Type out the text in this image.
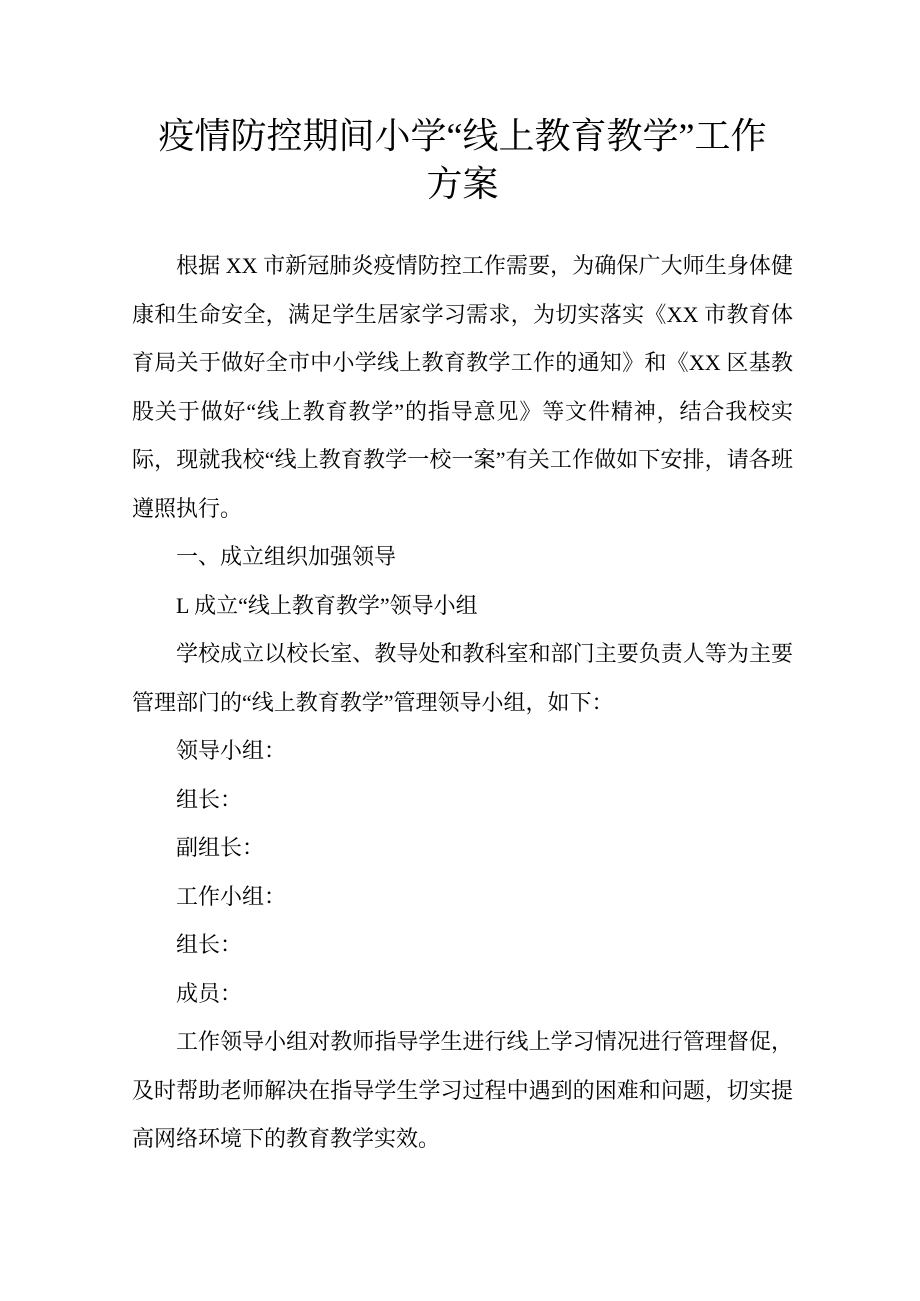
疫情防控期间小学“线上教育教学”工作
方案

根据 XX 市新冠肺炎疫情防控工作需要，为确保广大师生身体健康和生命安全，满足学生居家学习需求，为切实落实《XX 市教育体育局关于做好全市中小学线上教育教学工作的通知》和《XX 区基教股关于做好“线上教育教学”的指导意见》等文件精神，结合我校实际，现就我校“线上教育教学一校一案”有关工作做如下安排，请各班遵照执行。

一、成立组织加强领导

L 成立“线上教育教学”领导小组

学校成立以校长室、教导处和教科室和部门主要负责人等为主要管理部门的“线上教育教学”管理领导小组，如下：

领导小组：

组长：

副组长：

工作小组：

组长：

成员：

工作领导小组对教师指导学生进行线上学习情况进行管理督促，及时帮助老师解决在指导学生学习过程中遇到的困难和问题，切实提高网络环境下的教育教学实效。
